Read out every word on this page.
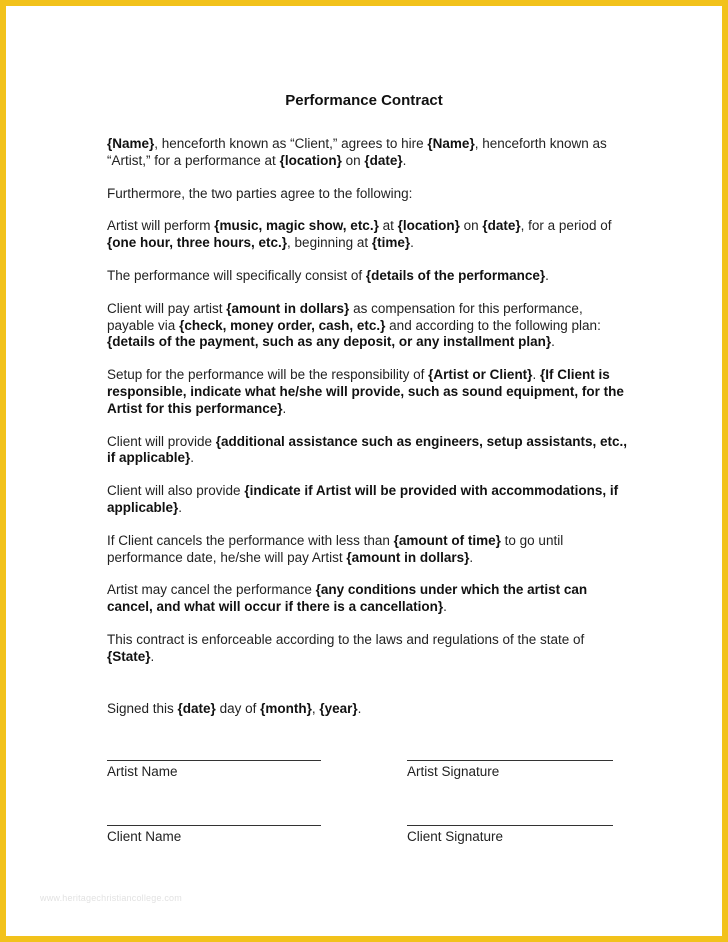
Performance Contract

{Name}, henceforth known as “Client,” agrees to hire {Name}, henceforth known as “Artist,” for a performance at {location} on {date}.

Furthermore, the two parties agree to the following:

Artist will perform {music, magic show, etc.} at {location} on {date}, for a period of {one hour, three hours, etc.}, beginning at {time}.

The performance will specifically consist of {details of the performance}.

Client will pay artist {amount in dollars} as compensation for this performance, payable via {check, money order, cash, etc.} and according to the following plan: {details of the payment, such as any deposit, or any installment plan}.

Setup for the performance will be the responsibility of {Artist or Client}. {If Client is responsible, indicate what he/she will provide, such as sound equipment, for the Artist for this performance}.

Client will provide {additional assistance such as engineers, setup assistants, etc., if applicable}.

Client will also provide {indicate if Artist will be provided with accommodations, if applicable}.

If Client cancels the performance with less than {amount of time} to go until performance date, he/she will pay Artist {amount in dollars}.

Artist may cancel the performance {any conditions under which the artist can cancel, and what will occur if there is a cancellation}.

This contract is enforceable according to the laws and regulations of the state of {State}.

Signed this {date} day of {month}, {year}.
Artist Name	Artist Signature
Client Name	Client Signature
www.heritagechristiancollege.com
